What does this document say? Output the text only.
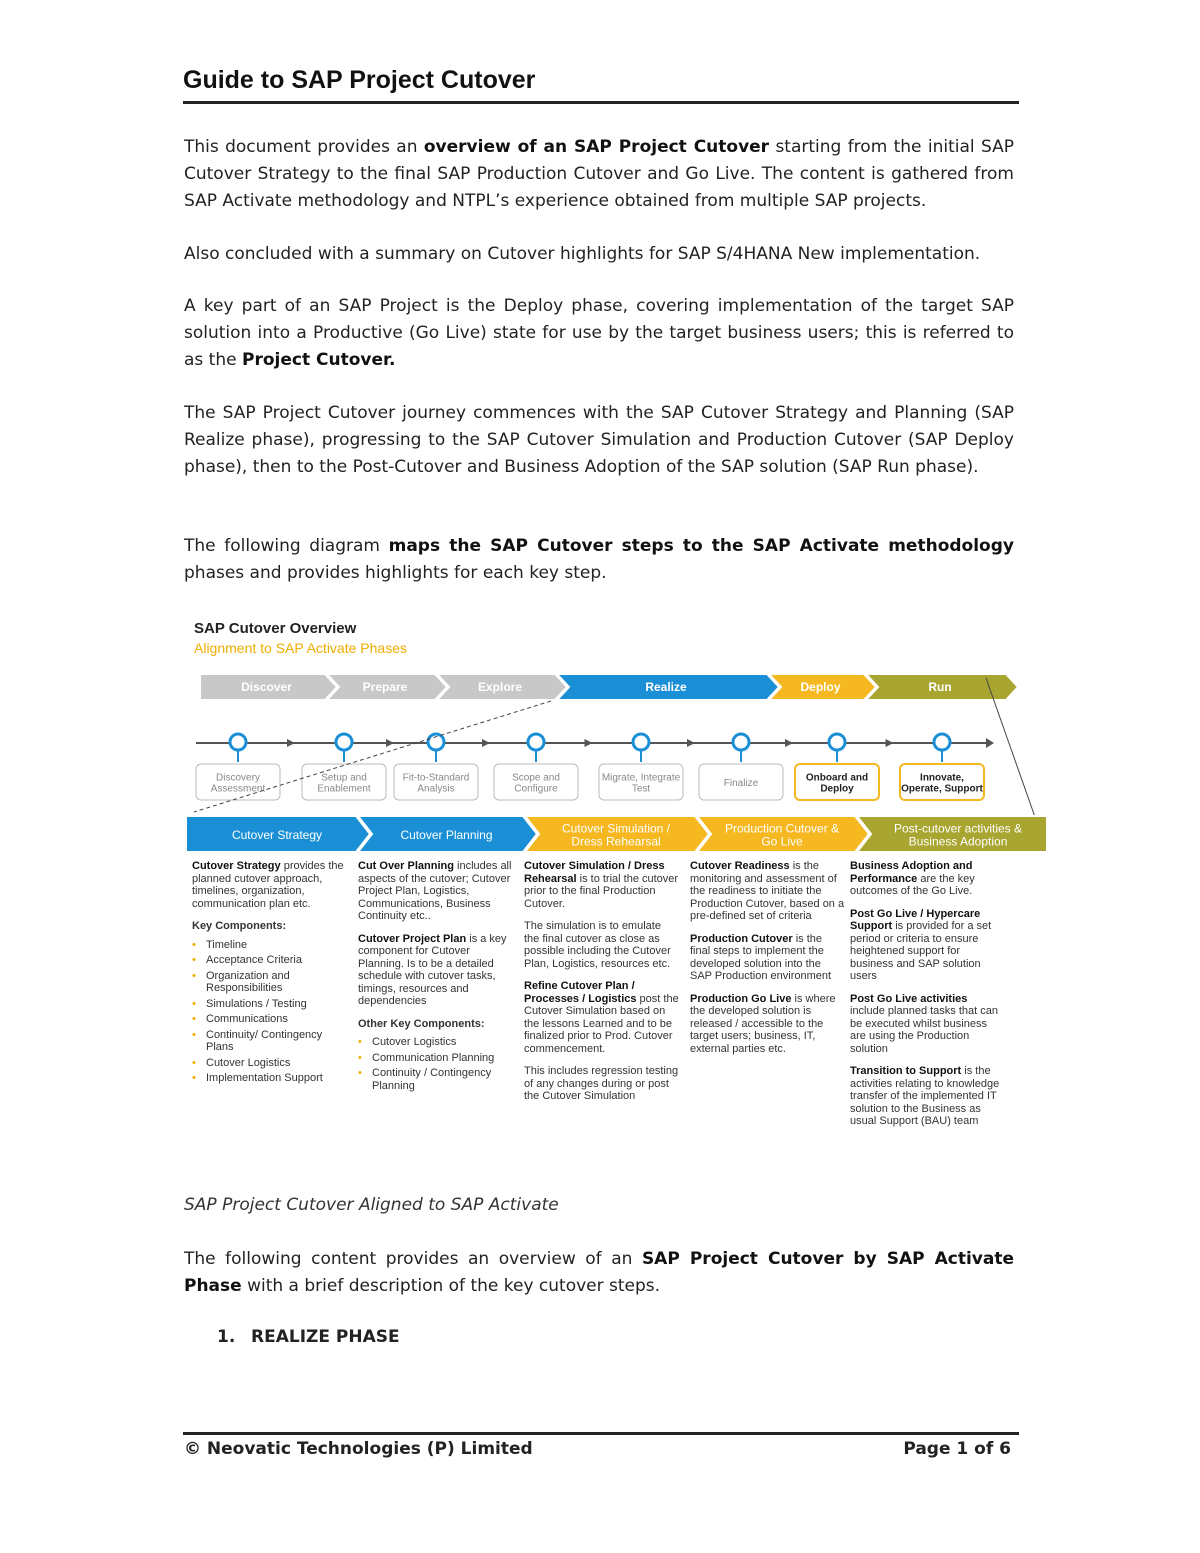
Guide to SAP Project Cutover

This document provides an overview of an SAP Project Cutover starting from the initial SAP Cutover Strategy to the final SAP Production Cutover and Go Live. The content is gathered from SAP Activate methodology and NTPL’s experience obtained from multiple SAP projects.

Also concluded with a summary on Cutover highlights for SAP S/4HANA New implementation.

A key part of an SAP Project is the Deploy phase, covering implementation of the target SAP solution into a Productive (Go Live) state for use by the target business users; this is referred to as the Project Cutover.

The SAP Project Cutover journey commences with the SAP Cutover Strategy and Planning (SAP Realize phase), progressing to the SAP Cutover Simulation and Production Cutover (SAP Deploy phase), then to the Post-Cutover and Business Adoption of the SAP solution (SAP Run phase).

The following diagram maps the SAP Cutover steps to the SAP Activate methodology phases and provides highlights for each key step.

Discover	Prepare	Explore	Realize	Deploy	Run
Discovery Assessment
Setup and Enablement
Fit-to-Standard Analysis
Scope and Configure
Migrate, Integrate Test	Finalize	Onboard and Deploy
Innovate, Operate, Support
Cutover Strategy	Cutover Planning	Cutover Simulation / Dress Rehearsal
Production Cutover & Go Live
Post-cutover activities & Business Adoption
SAP Cutover Overview
Alignment to SAP Activate Phases

Cutover Strategy provides the planned cutover approach, timelines, organization, communication plan etc.

Key Components:
• Timeline
• Acceptance Criteria
• Organization and Responsibilities
• Simulations / Testing
• Communications
• Continuity/ Contingency Plans
• Cutover Logistics
• Implementation Support

Cut Over Planning includes all aspects of the cutover; Cutover Project Plan, Logistics, Communications, Business Continuity etc..

Cutover Project Plan is a key component for Cutover Planning. Is to be a detailed schedule with cutover tasks, timings, resources and dependencies

Other Key Components:
• Cutover Logistics
• Communication Planning
• Continuity / Contingency Planning

Cutover Simulation / Dress Rehearsal is to trial the cutover prior to the final Production Cutover.

The simulation is to emulate the final cutover as close as possible including the Cutover Plan, Logistics, resources etc.

Refine Cutover Plan / Processes / Logistics post the Cutover Simulation based on the lessons Learned and to be finalized prior to Prod. Cutover commencement.

This includes regression testing of any changes during or post the Cutover Simulation

Cutover Readiness is the monitoring and assessment of the readiness to initiate the Production Cutover, based on a pre-defined set of criteria

Production Cutover is the final steps to implement the developed solution into the SAP Production environment

Production Go Live is where the developed solution is released / accessible to the target users; business, IT, external parties etc.

Business Adoption and Performance are the key outcomes of the Go Live.

Post Go Live / Hypercare Support is provided for a set period or criteria to ensure heightened support for business and SAP solution users

Post Go Live activities include planned tasks that can be executed whilst business are using the Production solution

Transition to Support is the activities relating to knowledge transfer of the implemented IT solution to the Business as usual Support (BAU) team

SAP Project Cutover Aligned to SAP Activate

The following content provides an overview of an SAP Project Cutover by SAP Activate Phase with a brief description of the key cutover steps.

1. REALIZE PHASE
© Neovatic Technologies (P) Limited	Page 1 of 6
